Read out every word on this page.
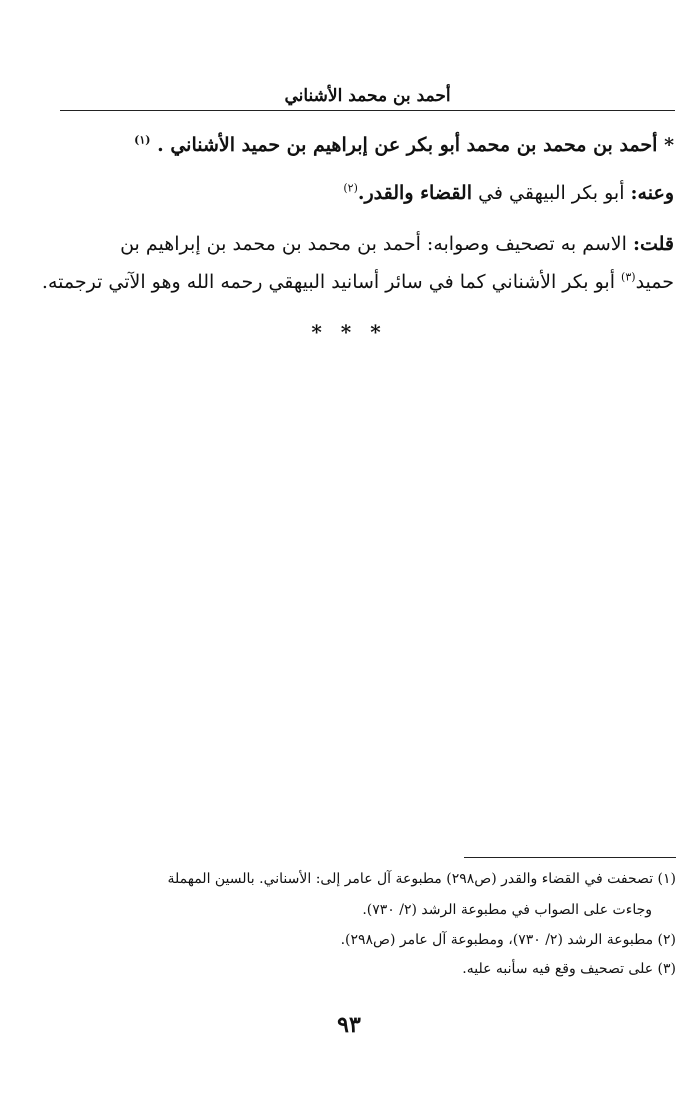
أحمد بن محمد الأشناني
* أحمد بن محمد بن محمد أبو بكر عن إبراهيم بن حميد الأشناني . $^{(١)}$
وعنه: أبو بكر البيهقي في القضاء والقدر.$^{(٢)}$
قلت: الاسم به تصحيف وصوابه: أحمد بن محمد بن محمد بن إبراهيم بن
حميد$^{(٣)}$ أبو بكر الأشناني كما في سائر أسانيد البيهقي رحمه الله وهو الآتي ترجمته.
* * *
(١) تصحفت في القضاء والقدر (ص٢٩٨) مطبوعة آل عامر إلى: الأسناني. بالسين المهملة
وجاءت على الصواب في مطبوعة الرشد (٢/ ٧٣٠).
(٢) مطبوعة الرشد (٢/ ٧٣٠)، ومطبوعة آل عامر (ص٢٩٨).
(٣) على تصحيف وقع فيه سأنبه عليه.
٩٣
